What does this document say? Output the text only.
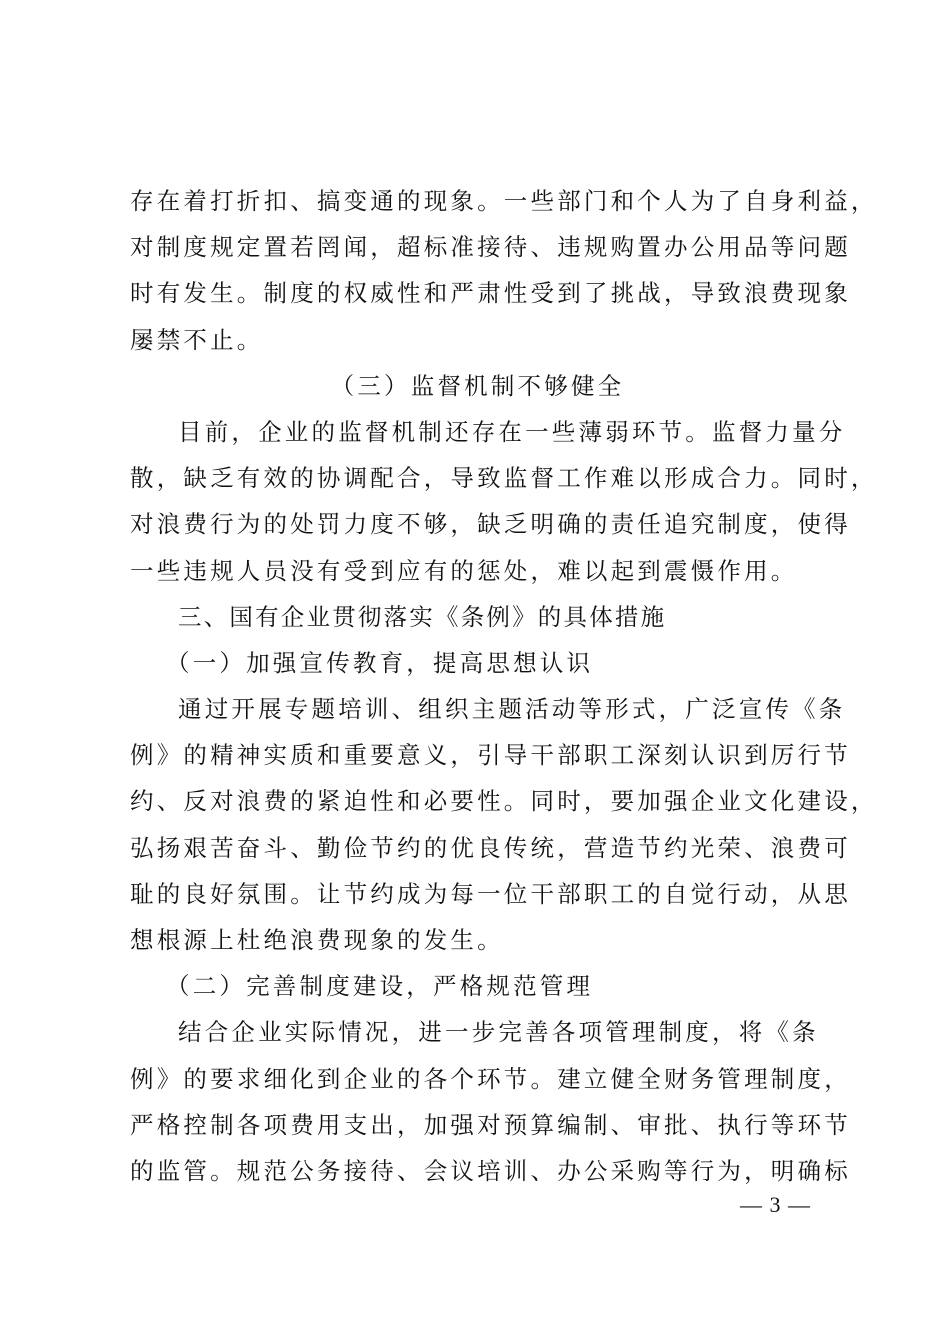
存在着打折扣、搞变通的现象。一些部门和个人为了自身利益，
对制度规定置若罔闻，超标准接待、违规购置办公用品等问题
时有发生。制度的权威性和严肃性受到了挑战，导致浪费现象
屡禁不止。
（三）监督机制不够健全
目前，企业的监督机制还存在一些薄弱环节。监督力量分
散，缺乏有效的协调配合，导致监督工作难以形成合力。同时，
对浪费行为的处罚力度不够，缺乏明确的责任追究制度，使得
一些违规人员没有受到应有的惩处，难以起到震慑作用。
三、国有企业贯彻落实《条例》的具体措施
（一）加强宣传教育，提高思想认识
通过开展专题培训、组织主题活动等形式，广泛宣传《条
例》的精神实质和重要意义，引导干部职工深刻认识到厉行节
约、反对浪费的紧迫性和必要性。同时，要加强企业文化建设，
弘扬艰苦奋斗、勤俭节约的优良传统，营造节约光荣、浪费可
耻的良好氛围。让节约成为每一位干部职工的自觉行动，从思
想根源上杜绝浪费现象的发生。
（二）完善制度建设，严格规范管理
结合企业实际情况，进一步完善各项管理制度，将《条
例》的要求细化到企业的各个环节。建立健全财务管理制度，
严格控制各项费用支出，加强对预算编制、审批、执行等环节
的监管。规范公务接待、会议培训、办公采购等行为，明确标
— 3 —
